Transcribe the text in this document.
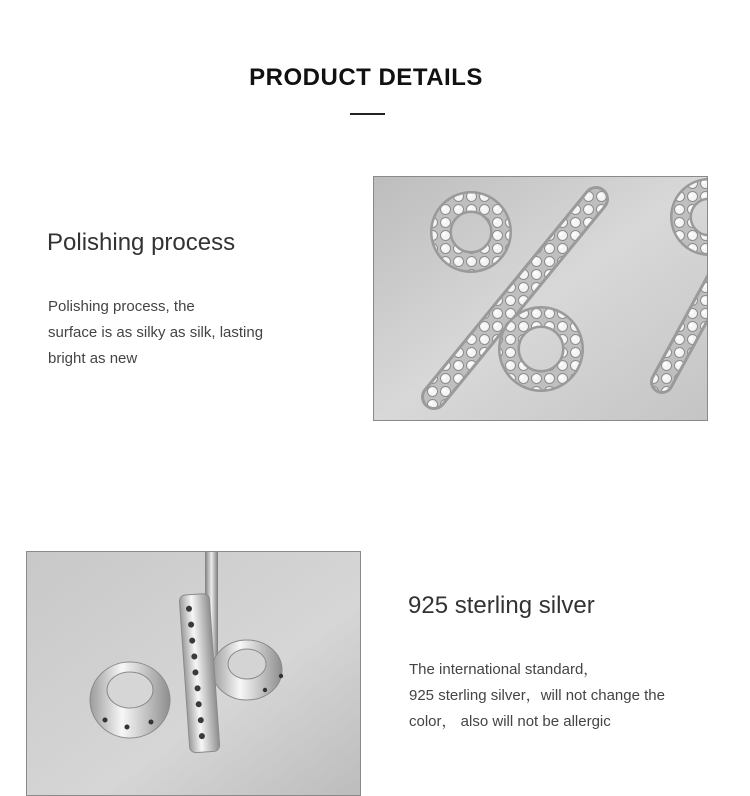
PRODUCT DETAILS
Polishing process
Polishing process, the
surface is as silky as silk, lasting
bright as new
925 sterling silver
The international standard，
925 sterling silver，will not change the
color， also will not be allergic
